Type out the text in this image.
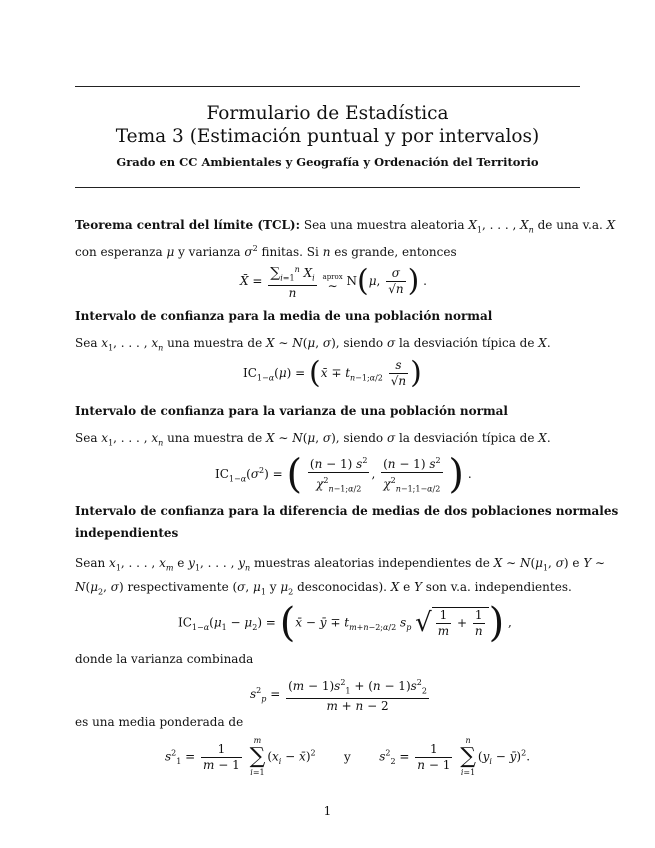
Formulario de Estadística
Tema 3 (Estimación puntual y por intervalos)
Grado en CC Ambientales y Geografía y Ordenación del Territorio
Teorema central del límite (TCL): Sea una muestra aleatoria $X_1$, . . . , $X_n$ de una v.a. X
con esperanza μ y varianza $\sigma^2$ finitas. Si n es grande, entonces
X̄ = $\frac{\sum_{i=1}^n X_i}{n}$
aprox
∼ N(μ, $\frac{\sigma}{√n}$ ) .
Intervalo de confianza para la media de una población normal
Sea $x_1$, . . . , $x_n$ una muestra de X ∼ N(μ, σ), siendo σ la desviación típica de X.
$IC_{1-\alpha}(\mu)$ = (x̄ ∓ $t_{n-1;\alpha/2} \frac{s}{√n}$ )
Intervalo de confianza para la varianza de una población normal
Sea $x_1$, . . . , $x_n$ una muestra de X ∼ N(μ, σ), siendo σ la desviación típica de X.
$IC_{1-\alpha}(\sigma^2)$ = ( $\frac{(n - 1) s^2}{\chi^2_{n-1;\alpha/2}}$ , $\frac{(n - 1) s^2}{\chi^2_{n-1;1-\alpha/2}}$ ) .
Intervalo de confianza para la diferencia de medias de dos poblaciones normales
independientes
Sean $x_1$, . . . , $x_m$ e $y_1$, . . . , $y_n$ muestras aleatorias independientes de X ∼ $N(\mu_1$, σ) e Y ∼
$N(\mu_2$, σ) respectivamente (σ, $\mu_1$ y $\mu_2$ desconocidas). X e Y son v.a. independientes.
$IC_{1-\alpha}(\mu_1 - \mu_2)$ = (x̄ − ȳ ∓ $t_{m+n-2;\alpha/2}$ $s_p$ √ $\frac{1}{m} + \frac{1}{n}$ ) ,
donde la varianza combinada
$s^2_p = \frac{(m - 1)s^2_1 + (n - 1)s^2_2}{m + n - 2}$
es una media ponderada de
$s^2_1 = \frac{1}{m - 1}$

m
∑
i=1
($x_i$ − x̄)$^2$ y $s^2_2 = \frac{1}{n - 1}$

n
∑
i=1
($y_i$ − ȳ)$^2$.
1
